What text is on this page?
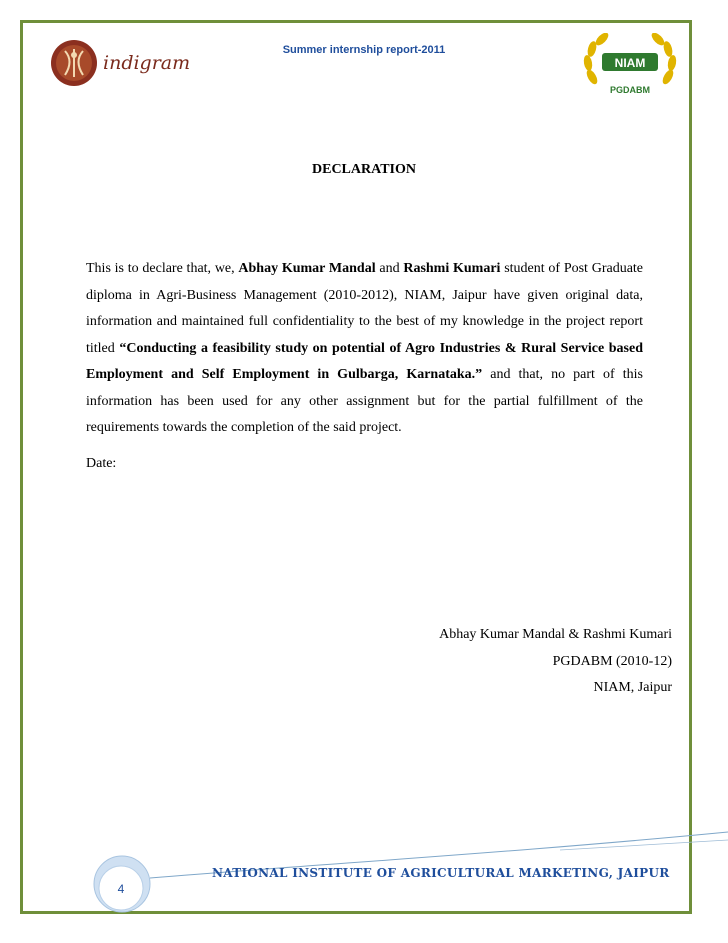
indigram
Summer internship report-2011
NIAM
PGDABM
DECLARATION

This is to declare that, we, Abhay Kumar Mandal and Rashmi Kumari student of Post Graduate diploma in Agri-Business Management (2010-2012), NIAM, Jaipur have given original data, information and maintained full confidentiality to the best of my knowledge in the project report titled “Conducting a feasibility study on potential of Agro Industries & Rural Service based Employment and Self Employment in Gulbarga, Karnataka.” and that, no part of this information has been used for any other assignment but for the partial fulfillment of the requirements towards the completion of the said project.

Date:
Abhay Kumar Mandal & Rashmi Kumari
PGDABM (2010-12)
NIAM, Jaipur
NATIONAL INSTITUTE OF AGRICULTURAL MARKETING, JAIPUR
4
